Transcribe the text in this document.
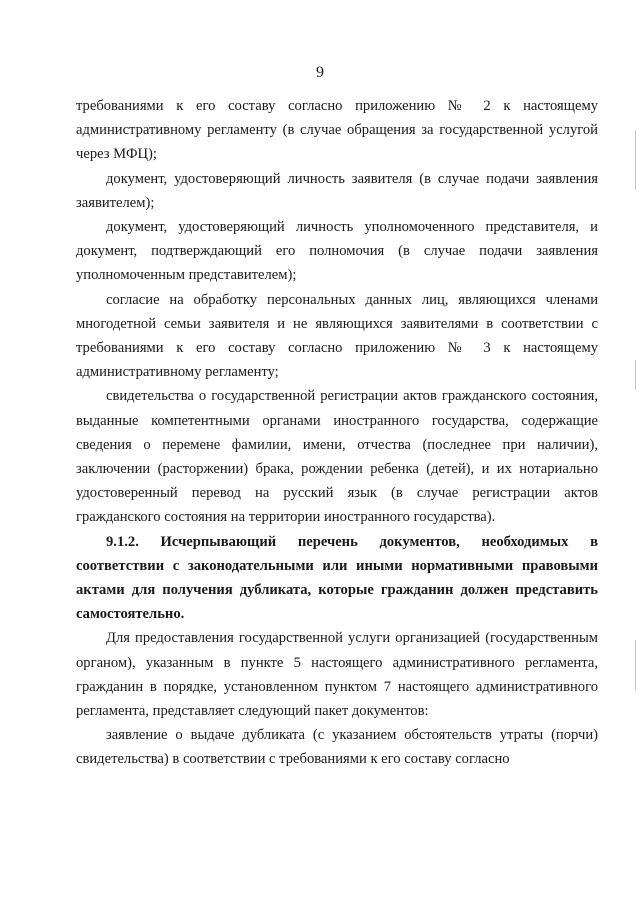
9

требованиями к его составу согласно приложению № 2 к настоящему административному регламенту (в случае обращения за государственной услугой через МФЦ);

документ, удостоверяющий личность заявителя (в случае подачи заявления заявителем);

документ, удостоверяющий личность уполномоченного представителя, и документ, подтверждающий его полномочия (в случае подачи заявления уполномоченным представителем);

согласие на обработку персональных данных лиц, являющихся членами многодетной семьи заявителя и не являющихся заявителями в соответствии с требованиями к его составу согласно приложению № 3 к настоящему административному регламенту;

свидетельства о государственной регистрации актов гражданского состояния, выданные компетентными органами иностранного государства, содержащие сведения о перемене фамилии, имени, отчества (последнее при наличии), заключении (расторжении) брака, рождении ребенка (детей), и их нотариально удостоверенный перевод на русский язык (в случае регистрации актов гражданского состояния на территории иностранного государства).

9.1.2. Исчерпывающий перечень документов, необходимых в соответствии с законодательными или иными нормативными правовыми актами для получения дубликата, которые гражданин должен представить самостоятельно.

Для предоставления государственной услуги организацией (государственным органом), указанным в пункте 5 настоящего административного регламента, гражданин в порядке, установленном пунктом 7 настоящего административного регламента, представляет следующий пакет документов:

заявление о выдаче дубликата (с указанием обстоятельств утраты (порчи) свидетельства) в соответствии с требованиями к его составу согласно
